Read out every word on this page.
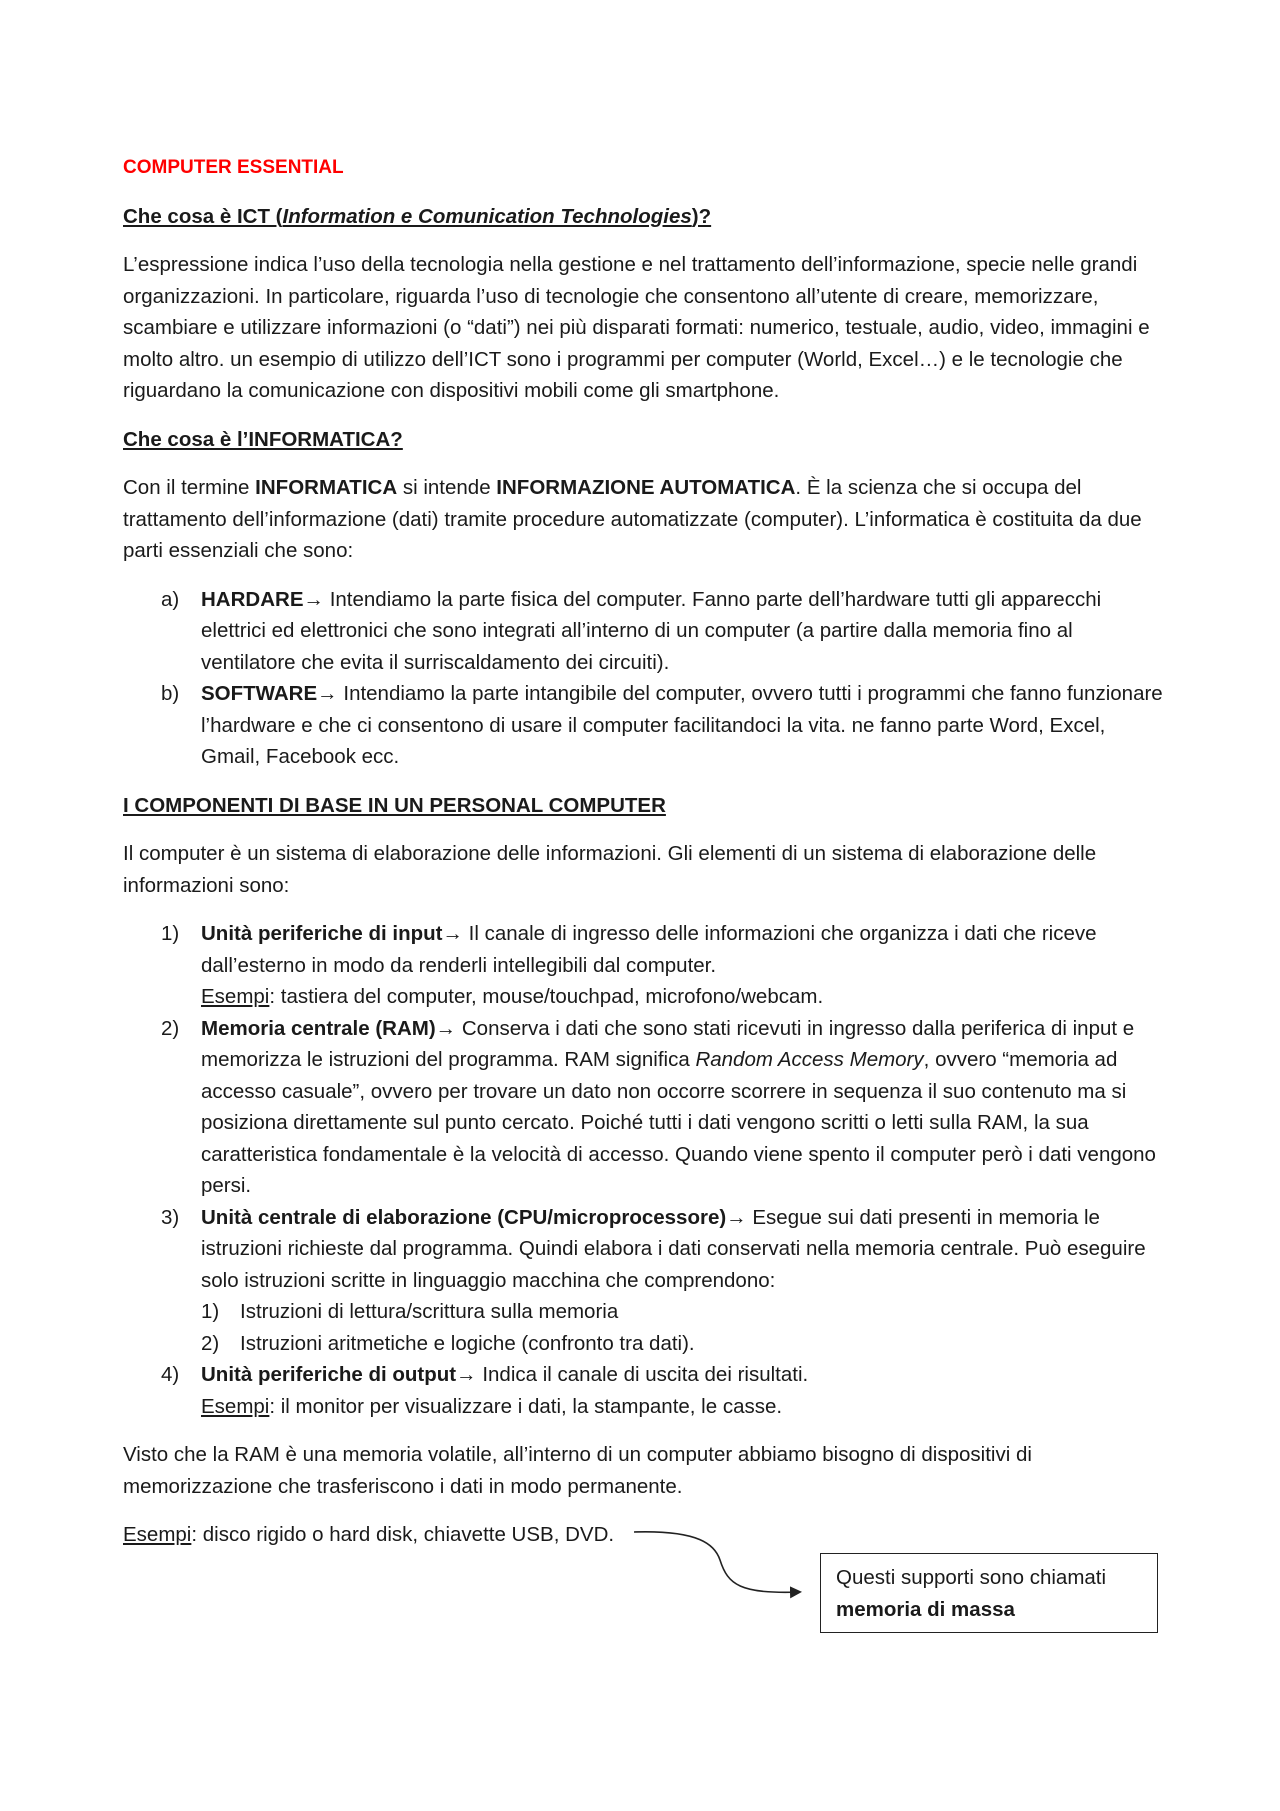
COMPUTER ESSENTIAL

Che cosa è ICT (Information e Comunication Technologies)?

L’espressione indica l’uso della tecnologia nella gestione e nel trattamento dell’informazione, specie nelle grandi organizzazioni. In particolare, riguarda l’uso di tecnologie che consentono all’utente di creare, memorizzare, scambiare e utilizzare informazioni (o “dati”) nei più disparati formati: numerico, testuale, audio, video, immagini e molto altro. un esempio di utilizzo dell’ICT sono i programmi per computer (World, Excel…) e le tecnologie che riguardano la comunicazione con dispositivi mobili come gli smartphone.

Che cosa è l’INFORMATICA?

Con il termine INFORMATICA si intende INFORMAZIONE AUTOMATICA. È la scienza che si occupa del trattamento dell’informazione (dati) tramite procedure automatizzate (computer). L’informatica è costituita da due parti essenziali che sono:

a) HARDARE→ Intendiamo la parte fisica del computer. Fanno parte dell’hardware tutti gli apparecchi elettrici ed elettronici che sono integrati all’interno di un computer (a partire dalla memoria fino al ventilatore che evita il surriscaldamento dei circuiti).
b) SOFTWARE→ Intendiamo la parte intangibile del computer, ovvero tutti i programmi che fanno funzionare l’hardware e che ci consentono di usare il computer facilitandoci la vita. ne fanno parte Word, Excel, Gmail, Facebook ecc.

I COMPONENTI DI BASE IN UN PERSONAL COMPUTER

Il computer è un sistema di elaborazione delle informazioni. Gli elementi di un sistema di elaborazione delle informazioni sono:

1) Unità periferiche di input→ Il canale di ingresso delle informazioni che organizza i dati che riceve dall’esterno in modo da renderli intellegibili dal computer.
Esempi: tastiera del computer, mouse/touchpad, microfono/webcam.
2) Memoria centrale (RAM)→ Conserva i dati che sono stati ricevuti in ingresso dalla periferica di input e memorizza le istruzioni del programma. RAM significa Random Access Memory, ovvero “memoria ad accesso casuale”, ovvero per trovare un dato non occorre scorrere in sequenza il suo contenuto ma si posiziona direttamente sul punto cercato. Poiché tutti i dati vengono scritti o letti sulla RAM, la sua caratteristica fondamentale è la velocità di accesso. Quando viene spento il computer però i dati vengono persi.
3) Unità centrale di elaborazione (CPU/microprocessore)→ Esegue sui dati presenti in memoria le istruzioni richieste dal programma. Quindi elabora i dati conservati nella memoria centrale. Può eseguire solo istruzioni scritte in linguaggio macchina che comprendono:
1) Istruzioni di lettura/scrittura sulla memoria
2) Istruzioni aritmetiche e logiche (confronto tra dati).
4) Unità periferiche di output→ Indica il canale di uscita dei risultati.
Esempi: il monitor per visualizzare i dati, la stampante, le casse.

Visto che la RAM è una memoria volatile, all’interno di un computer abbiamo bisogno di dispositivi di memorizzazione che trasferiscono i dati in modo permanente.

Esempi: disco rigido o hard disk, chiavette USB, DVD.

Questi supporti sono chiamati
memoria di massa
